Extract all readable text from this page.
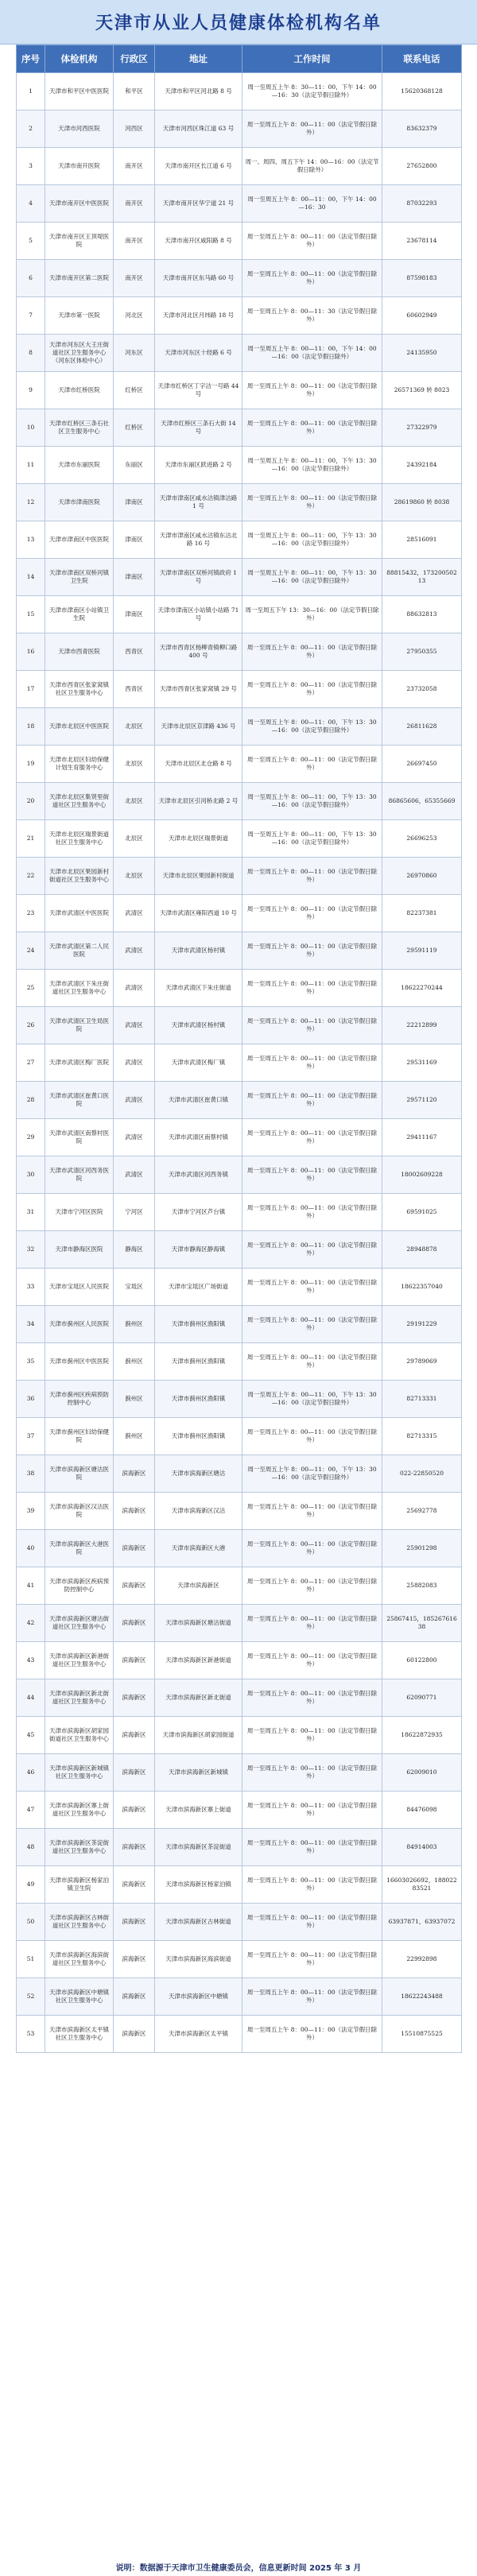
天津市从业人员健康体检机构名单
序号	体检机构	行政区	地址	工作时间	联系电话
1	天津市和平区中医医院	和平区	天津市和平区河北路 8 号	周一至周五上午 8：30—11：00，下午 14：00—16：30（法定节假日除外）	15620368128
2	天津市河西医院	河西区	天津市河西区珠江道 63 号	周一至周五上午 8：00—11：00（法定节假日除外）	83632379
3	天津市南开医院	南开区	天津市南开区长江道 6 号	周一、周四、周五下午 14：00—16：00（法定节假日除外）	27652800
4	天津市南开区中医医院	南开区	天津市南开区华宁道 21 号	周一至周五上午 8：00—11：00，下午 14：00—16：30	87032293
5	天津市南开区王顶堤医院	南开区	天津市南开区咸阳路 8 号	周一至周五上午 8：00—11：00（法定节假日除外）	23678114
6	天津市南开区第二医院	南开区	天津市南开区东马路 60 号	周一至周五上午 8：00—11：00（法定节假日除外）	87598183
7	天津市第一医院	河北区	天津市河北区月纬路 18 号	周一至周五上午 8：00—11：30（法定节假日除外）	60602949
8	天津市河东区大王庄街道社区卫生服务中心（河东区体检中心）	河东区	天津市河东区十经路 6 号	周一至周五上午 8：00—11：00，下午 14：00—16：00（法定节假日除外）	24135950
9	天津市红桥医院	红桥区	天津市红桥区丁字沽一号路 44 号	周一至周五上午 8：00—11：00（法定节假日除外）	26571369 转 8023
10	天津市红桥区三条石社区卫生服务中心	红桥区	天津市红桥区三条石大街 14 号	周一至周五上午 8：00—11：00（法定节假日除外）	27322979
11	天津市东丽医院	东丽区	天津市东丽区跃进路 2 号	周一至周五上午 8：00—11：00，下午 13：30—16：00（法定节假日除外）	24392184
12	天津市津南医院	津南区	天津市津南区咸水沽镇津沽路 1 号	周一至周五上午 8：00—11：00（法定节假日除外）	28619860 转 8038
13	天津市津南区中医医院	津南区	天津市津南区咸水沽镇东沽北路 16 号	周一至周五上午 8：00—11：00，下午 13：30—16：00（法定节假日除外）	28516091
14	天津市津南区双桥河镇卫生院	津南区	天津市津南区双桥河镇政府 1 号	周一至周五上午 8：00—11：00，下午 13：30—16：00（法定节假日除外）	88815432，17320050213
15	天津市津南区小站镇卫生院	津南区	天津市津南区小站镇小站路 71 号	周一至周五下午 13：30—16：00（法定节假日除外）	88632813
16	天津市西青医院	西青区	天津市西青区杨柳青镇柳口路 400 号	周一至周五上午 8：00—11：00（法定节假日除外）	27950355
17	天津市西青区张家窝镇社区卫生服务中心	西青区	天津市西青区张家窝镇 29 号	周一至周五上午 8：00—11：00（法定节假日除外）	23732058
18	天津市北辰区中医医院	北辰区	天津市北辰区京津路 436 号	周一至周五上午 8：00—11：00，下午 13：30—16：00（法定节假日除外）	26811628
19	天津市北辰区妇幼保健计划生育服务中心	北辰区	天津市北辰区北仓路 8 号	周一至周五上午 8：00—11：00（法定节假日除外）	26697450
20	天津市北辰区集贤里街道社区卫生服务中心	北辰区	天津市北辰区引河桥北路 2 号	周一至周五上午 8：00—11：00，下午 13：30—16：00（法定节假日除外）	86865606，65355669
21	天津市北辰区瑞景街道社区卫生服务中心	北辰区	天津市北辰区瑞景街道	周一至周五上午 8：00—11：00，下午 13：30—16：00（法定节假日除外）	26696253
22	天津市北辰区果园新村街道社区卫生服务中心	北辰区	天津市北辰区果园新村街道	周一至周五上午 8：00—11：00（法定节假日除外）	26970860
23	天津市武清区中医医院	武清区	天津市武清区雍阳西道 10 号	周一至周五上午 8：00—11：00（法定节假日除外）	82237381
24	天津市武清区第二人民医院	武清区	天津市武清区杨村镇	周一至周五上午 8：00—11：00（法定节假日除外）	29591119
25	天津市武清区下朱庄街道社区卫生服务中心	武清区	天津市武清区下朱庄街道	周一至周五上午 8：00—11：00（法定节假日除外）	18622270244
26	天津市武清区卫生局医院	武清区	天津市武清区杨村镇	周一至周五上午 8：00—11：00（法定节假日除外）	22212899
27	天津市武清区梅厂医院	武清区	天津市武清区梅厂镇	周一至周五上午 8：00—11：00（法定节假日除外）	29531169
28	天津市武清区崔黄口医院	武清区	天津市武清区崔黄口镇	周一至周五上午 8：00—11：00（法定节假日除外）	29571120
29	天津市武清区南蔡村医院	武清区	天津市武清区南蔡村镇	周一至周五上午 8：00—11：00（法定节假日除外）	29411167
30	天津市武清区河西务医院	武清区	天津市武清区河西务镇	周一至周五上午 8：00—11：00（法定节假日除外）	18002609228
31	天津市宁河区医院	宁河区	天津市宁河区芦台镇	周一至周五上午 8：00—11：00（法定节假日除外）	69591025
32	天津市静海区医院	静海区	天津市静海区静海镇	周一至周五上午 8：00—11：00（法定节假日除外）	28948878
33	天津市宝坻区人民医院	宝坻区	天津市宝坻区广场街道	周一至周五上午 8：00—11：00（法定节假日除外）	18622357040
34	天津市蓟州区人民医院	蓟州区	天津市蓟州区渔阳镇	周一至周五上午 8：00—11：00（法定节假日除外）	29191229
35	天津市蓟州区中医医院	蓟州区	天津市蓟州区渔阳镇	周一至周五上午 8：00—11：00（法定节假日除外）	29789069
36	天津市蓟州区疾病预防控制中心	蓟州区	天津市蓟州区渔阳镇	周一至周五上午 8：00—11：00，下午 13：30—16：00（法定节假日除外）	82713331
37	天津市蓟州区妇幼保健院	蓟州区	天津市蓟州区渔阳镇	周一至周五上午 8：00—11：00（法定节假日除外）	82713315
38	天津市滨海新区塘沽医院	滨海新区	天津市滨海新区塘沽	周一至周五上午 8：00—11：00，下午 13：30—16：00（法定节假日除外）	022-22850520
39	天津市滨海新区汉沽医院	滨海新区	天津市滨海新区汉沽	周一至周五上午 8：00—11：00（法定节假日除外）	25692778
40	天津市滨海新区大港医院	滨海新区	天津市滨海新区大港	周一至周五上午 8：00—11：00（法定节假日除外）	25901298
41	天津市滨海新区疾病预防控制中心	滨海新区	天津市滨海新区	周一至周五上午 8：00—11：00（法定节假日除外）	25882083
42	天津市滨海新区塘沽街道社区卫生服务中心	滨海新区	天津市滨海新区塘沽街道	周一至周五上午 8：00—11：00（法定节假日除外）	25867415，18526761638
43	天津市滨海新区新港街道社区卫生服务中心	滨海新区	天津市滨海新区新港街道	周一至周五上午 8：00—11：00（法定节假日除外）	60122800
44	天津市滨海新区新北街道社区卫生服务中心	滨海新区	天津市滨海新区新北街道	周一至周五上午 8：00—11：00（法定节假日除外）	62090771
45	天津市滨海新区胡家园街道社区卫生服务中心	滨海新区	天津市滨海新区胡家园街道	周一至周五上午 8：00—11：00（法定节假日除外）	18622872935
46	天津市滨海新区新城镇社区卫生服务中心	滨海新区	天津市滨海新区新城镇	周一至周五上午 8：00—11：00（法定节假日除外）	62009010
47	天津市滨海新区寨上街道社区卫生服务中心	滨海新区	天津市滨海新区寨上街道	周一至周五上午 8：00—11：00（法定节假日除外）	84476098
48	天津市滨海新区茶淀街道社区卫生服务中心	滨海新区	天津市滨海新区茶淀街道	周一至周五上午 8：00—11：00（法定节假日除外）	84914003
49	天津市滨海新区杨家泊镇卫生院	滨海新区	天津市滨海新区杨家泊镇	周一至周五上午 8：00—11：00（法定节假日除外）	16603026692，18802283521
50	天津市滨海新区古林街道社区卫生服务中心	滨海新区	天津市滨海新区古林街道	周一至周五上午 8：00—11：00（法定节假日除外）	63937871，63937072
51	天津市滨海新区海滨街道社区卫生服务中心	滨海新区	天津市滨海新区海滨街道	周一至周五上午 8：00—11：00（法定节假日除外）	22992898
52	天津市滨海新区中塘镇社区卫生服务中心	滨海新区	天津市滨海新区中塘镇	周一至周五上午 8：00—11：00（法定节假日除外）	18622243488
53	天津市滨海新区太平镇社区卫生服务中心	滨海新区	天津市滨海新区太平镇	周一至周五上午 8：00—11：00（法定节假日除外）	15510875525
说明：数据源于天津市卫生健康委员会，信息更新时间 2025 年 3 月
